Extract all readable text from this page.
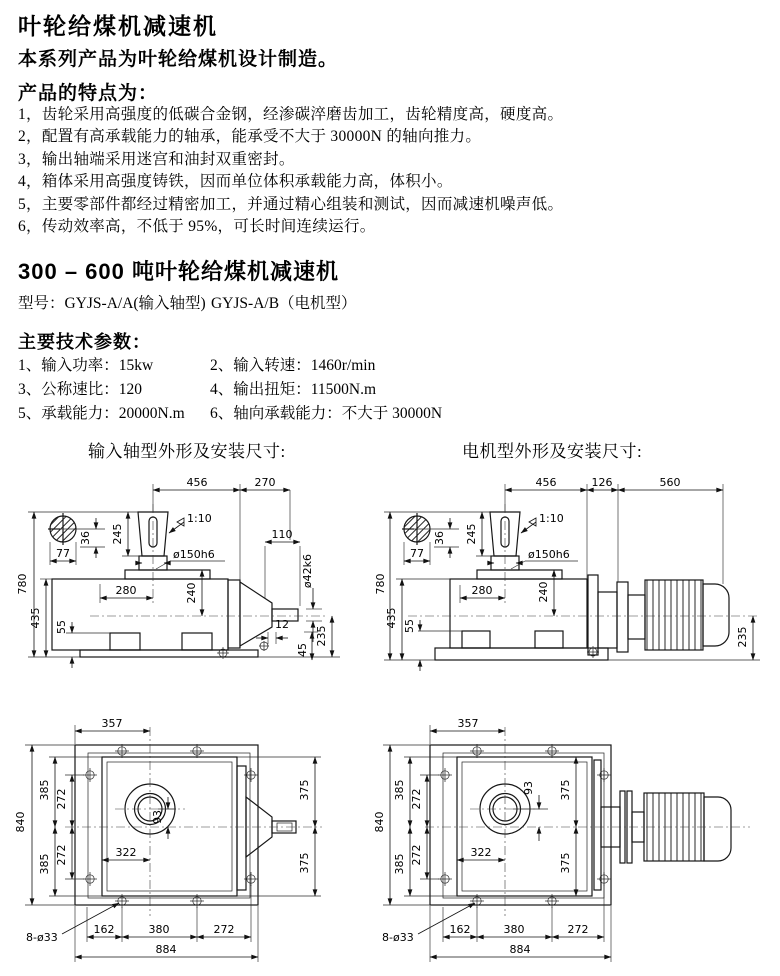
叶轮给煤机减速机
本系列产品为叶轮给煤机设计制造。
产品的特点为：

1，齿轮采用高强度的低碳合金钢，经渗碳淬磨齿加工，齿轮精度高，硬度高。

2，配置有高承载能力的轴承，能承受不大于 30000N 的轴向推力。

3，输出轴端采用迷宫和油封双重密封。

4，箱体采用高强度铸铁，因而单位体积承载能力高，体积小。

5，主要零部件都经过精密加工，并通过精心组装和测试，因而减速机噪声低。

6，传动效率高，不低于 95%，可长时间连续运行。

300 – 600 吨叶轮给煤机减速机
型号：GYJS-A/A(输入轴型) GYJS-A/B（电机型）
主要技术参数：
1、输入功率：15kw	2、输入转速：1460r/min
3、公称速比：120	4、输出扭矩：11500N.m
5、承载能力：20000N.m	6、轴向承载能力：不大于 30000N
输入轴型外形及安装尺寸:	电机型外形及安装尺寸:
456	270
110
ø42k6
1:10
ø150h6
245
36
77
780
435 55
280	240
12
45
235
456	126	560
780
435 55
245
36
77
1:10
ø150h6
280	240
235
357
840
385 272
272
385
322
93
375
375
8-ø33
162	380	272
884
357
840
385 272
272
385
322
93 375
375
8-ø33
162	380	272
884
